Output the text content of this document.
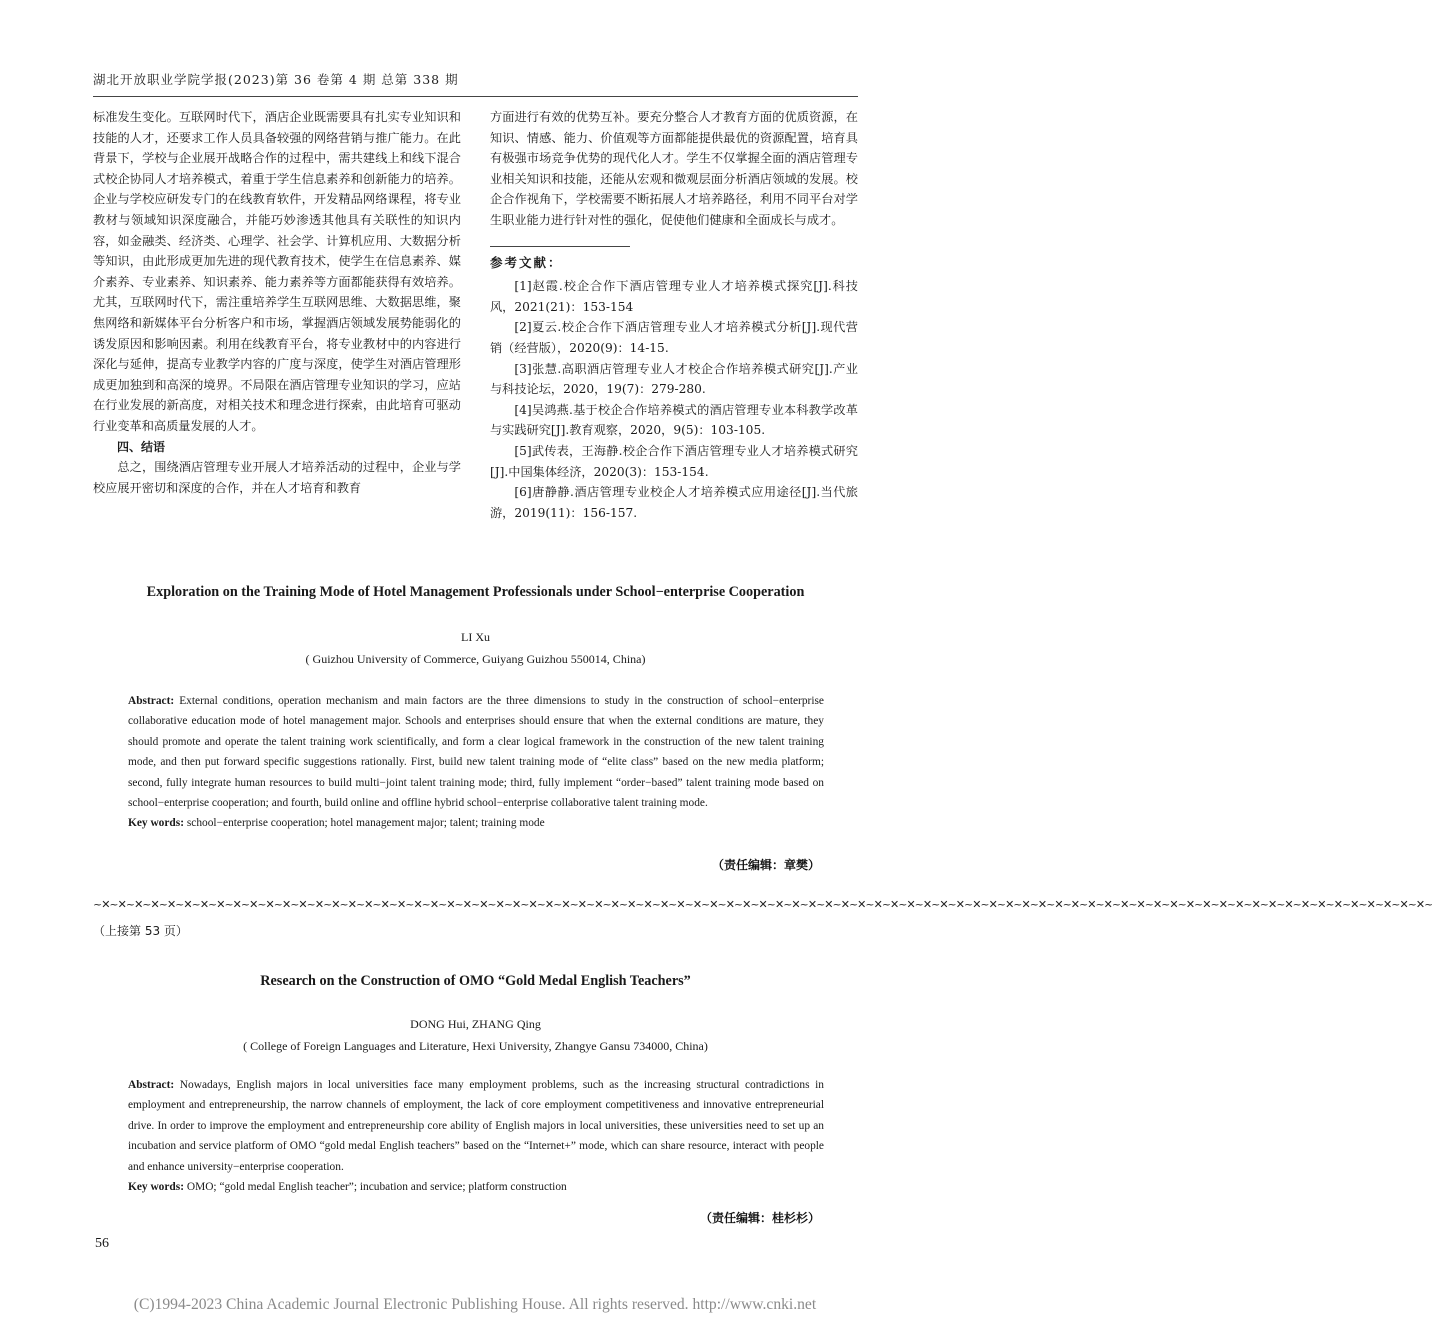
湖北开放职业学院学报(2023)第 36 卷第 4 期 总第 338 期

标准发生变化。互联网时代下，酒店企业既需要具有扎实专业知识和技能的人才，还要求工作人员具备较强的网络营销与推广能力。在此背景下，学校与企业展开战略合作的过程中，需共建线上和线下混合式校企协同人才培养模式，着重于学生信息素养和创新能力的培养。企业与学校应研发专门的在线教育软件，开发精品网络课程，将专业教材与领域知识深度融合，并能巧妙渗透其他具有关联性的知识内容，如金融类、经济类、心理学、社会学、计算机应用、大数据分析等知识，由此形成更加先进的现代教育技术，使学生在信息素养、媒介素养、专业素养、知识素养、能力素养等方面都能获得有效培养。尤其，互联网时代下，需注重培养学生互联网思维、大数据思维，聚焦网络和新媒体平台分析客户和市场，掌握酒店领域发展势能弱化的诱发原因和影响因素。利用在线教育平台，将专业教材中的内容进行深化与延伸，提高专业教学内容的广度与深度，使学生对酒店管理形成更加独到和高深的境界。不局限在酒店管理专业知识的学习，应站在行业发展的新高度，对相关技术和理念进行探索，由此培育可驱动行业变革和高质量发展的人才。

四、结语

总之，围绕酒店管理专业开展人才培养活动的过程中，企业与学校应展开密切和深度的合作，并在人才培育和教育

方面进行有效的优势互补。要充分整合人才教育方面的优质资源，在知识、情感、能力、价值观等方面都能提供最优的资源配置，培育具有极强市场竞争优势的现代化人才。学生不仅掌握全面的酒店管理专业相关知识和技能，还能从宏观和微观层面分析酒店领域的发展。校企合作视角下，学校需要不断拓展人才培养路径，利用不同平台对学生职业能力进行针对性的强化，促使他们健康和全面成长与成才。

参考文献：

[1]赵霞.校企合作下酒店管理专业人才培养模式探究[J].科技风，2021(21)：153-154

[2]夏云.校企合作下酒店管理专业人才培养模式分析[J].现代营销（经营版），2020(9)：14-15.

[3]张慧.高职酒店管理专业人才校企合作培养模式研究[J].产业与科技论坛，2020，19(7)：279-280.

[4]吴鸿燕.基于校企合作培养模式的酒店管理专业本科教学改革与实践研究[J].教育观察，2020，9(5)：103-105.

[5]武传表，王海静.校企合作下酒店管理专业人才培养模式研究[J].中国集体经济，2020(3)：153-154.

[6]唐静静.酒店管理专业校企人才培养模式应用途径[J].当代旅游，2019(11)：156-157.

Exploration on the Training Mode of Hotel Management Professionals under School−enterprise Cooperation

LI Xu

( Guizhou University of Commerce, Guiyang Guizhou 550014, China)

Abstract: External conditions, operation mechanism and main factors are the three dimensions to study in the construction of school−enterprise collaborative education mode of hotel management major. Schools and enterprises should ensure that when the external conditions are mature, they should promote and operate the talent training work scientifically, and form a clear logical framework in the construction of the new talent training mode, and then put forward specific suggestions rationally. First, build new talent training mode of “elite class” based on the new media platform; second, fully integrate human resources to build multi−joint talent training mode; third, fully implement “order−based” talent training mode based on school−enterprise cooperation; and fourth, build online and offline hybrid school−enterprise collaborative talent training mode.

Key words: school−enterprise cooperation; hotel management major; talent; training mode

（责任编辑：章樊）
~✕~✕~✕~✕~✕~✕~✕~✕~✕~✕~✕~✕~✕~✕~✕~✕~✕~✕~✕~✕~✕~✕~✕~✕~✕~✕~✕~✕~✕~✕~✕~✕~✕~✕~✕~✕~✕~✕~✕~✕~✕~✕~✕~✕~✕~✕~✕~✕~✕~✕~✕~✕~✕~✕~✕~✕~✕~✕~✕~✕~✕~✕~✕~✕~✕~✕~✕~✕~✕~✕~✕~✕~✕~✕~✕~✕~✕~✕~✕~✕~✕~
（上接第 53 页）

Research on the Construction of OMO “Gold Medal English Teachers”

DONG Hui, ZHANG Qing

( College of Foreign Languages and Literature, Hexi University, Zhangye Gansu 734000, China)

Abstract: Nowadays, English majors in local universities face many employment problems, such as the increasing structural contradictions in employment and entrepreneurship, the narrow channels of employment, the lack of core employment competitiveness and innovative entrepreneurial drive. In order to improve the employment and entrepreneurship core ability of English majors in local universities, these universities need to set up an incubation and service platform of OMO “gold medal English teachers” based on the “Internet+” mode, which can share resource, interact with people and enhance university−enterprise cooperation.

Key words: OMO; “gold medal English teacher”; incubation and service; platform construction

（责任编辑：桂杉杉）
56
(C)1994-2023 China Academic Journal Electronic Publishing House. All rights reserved. http://www.cnki.net
